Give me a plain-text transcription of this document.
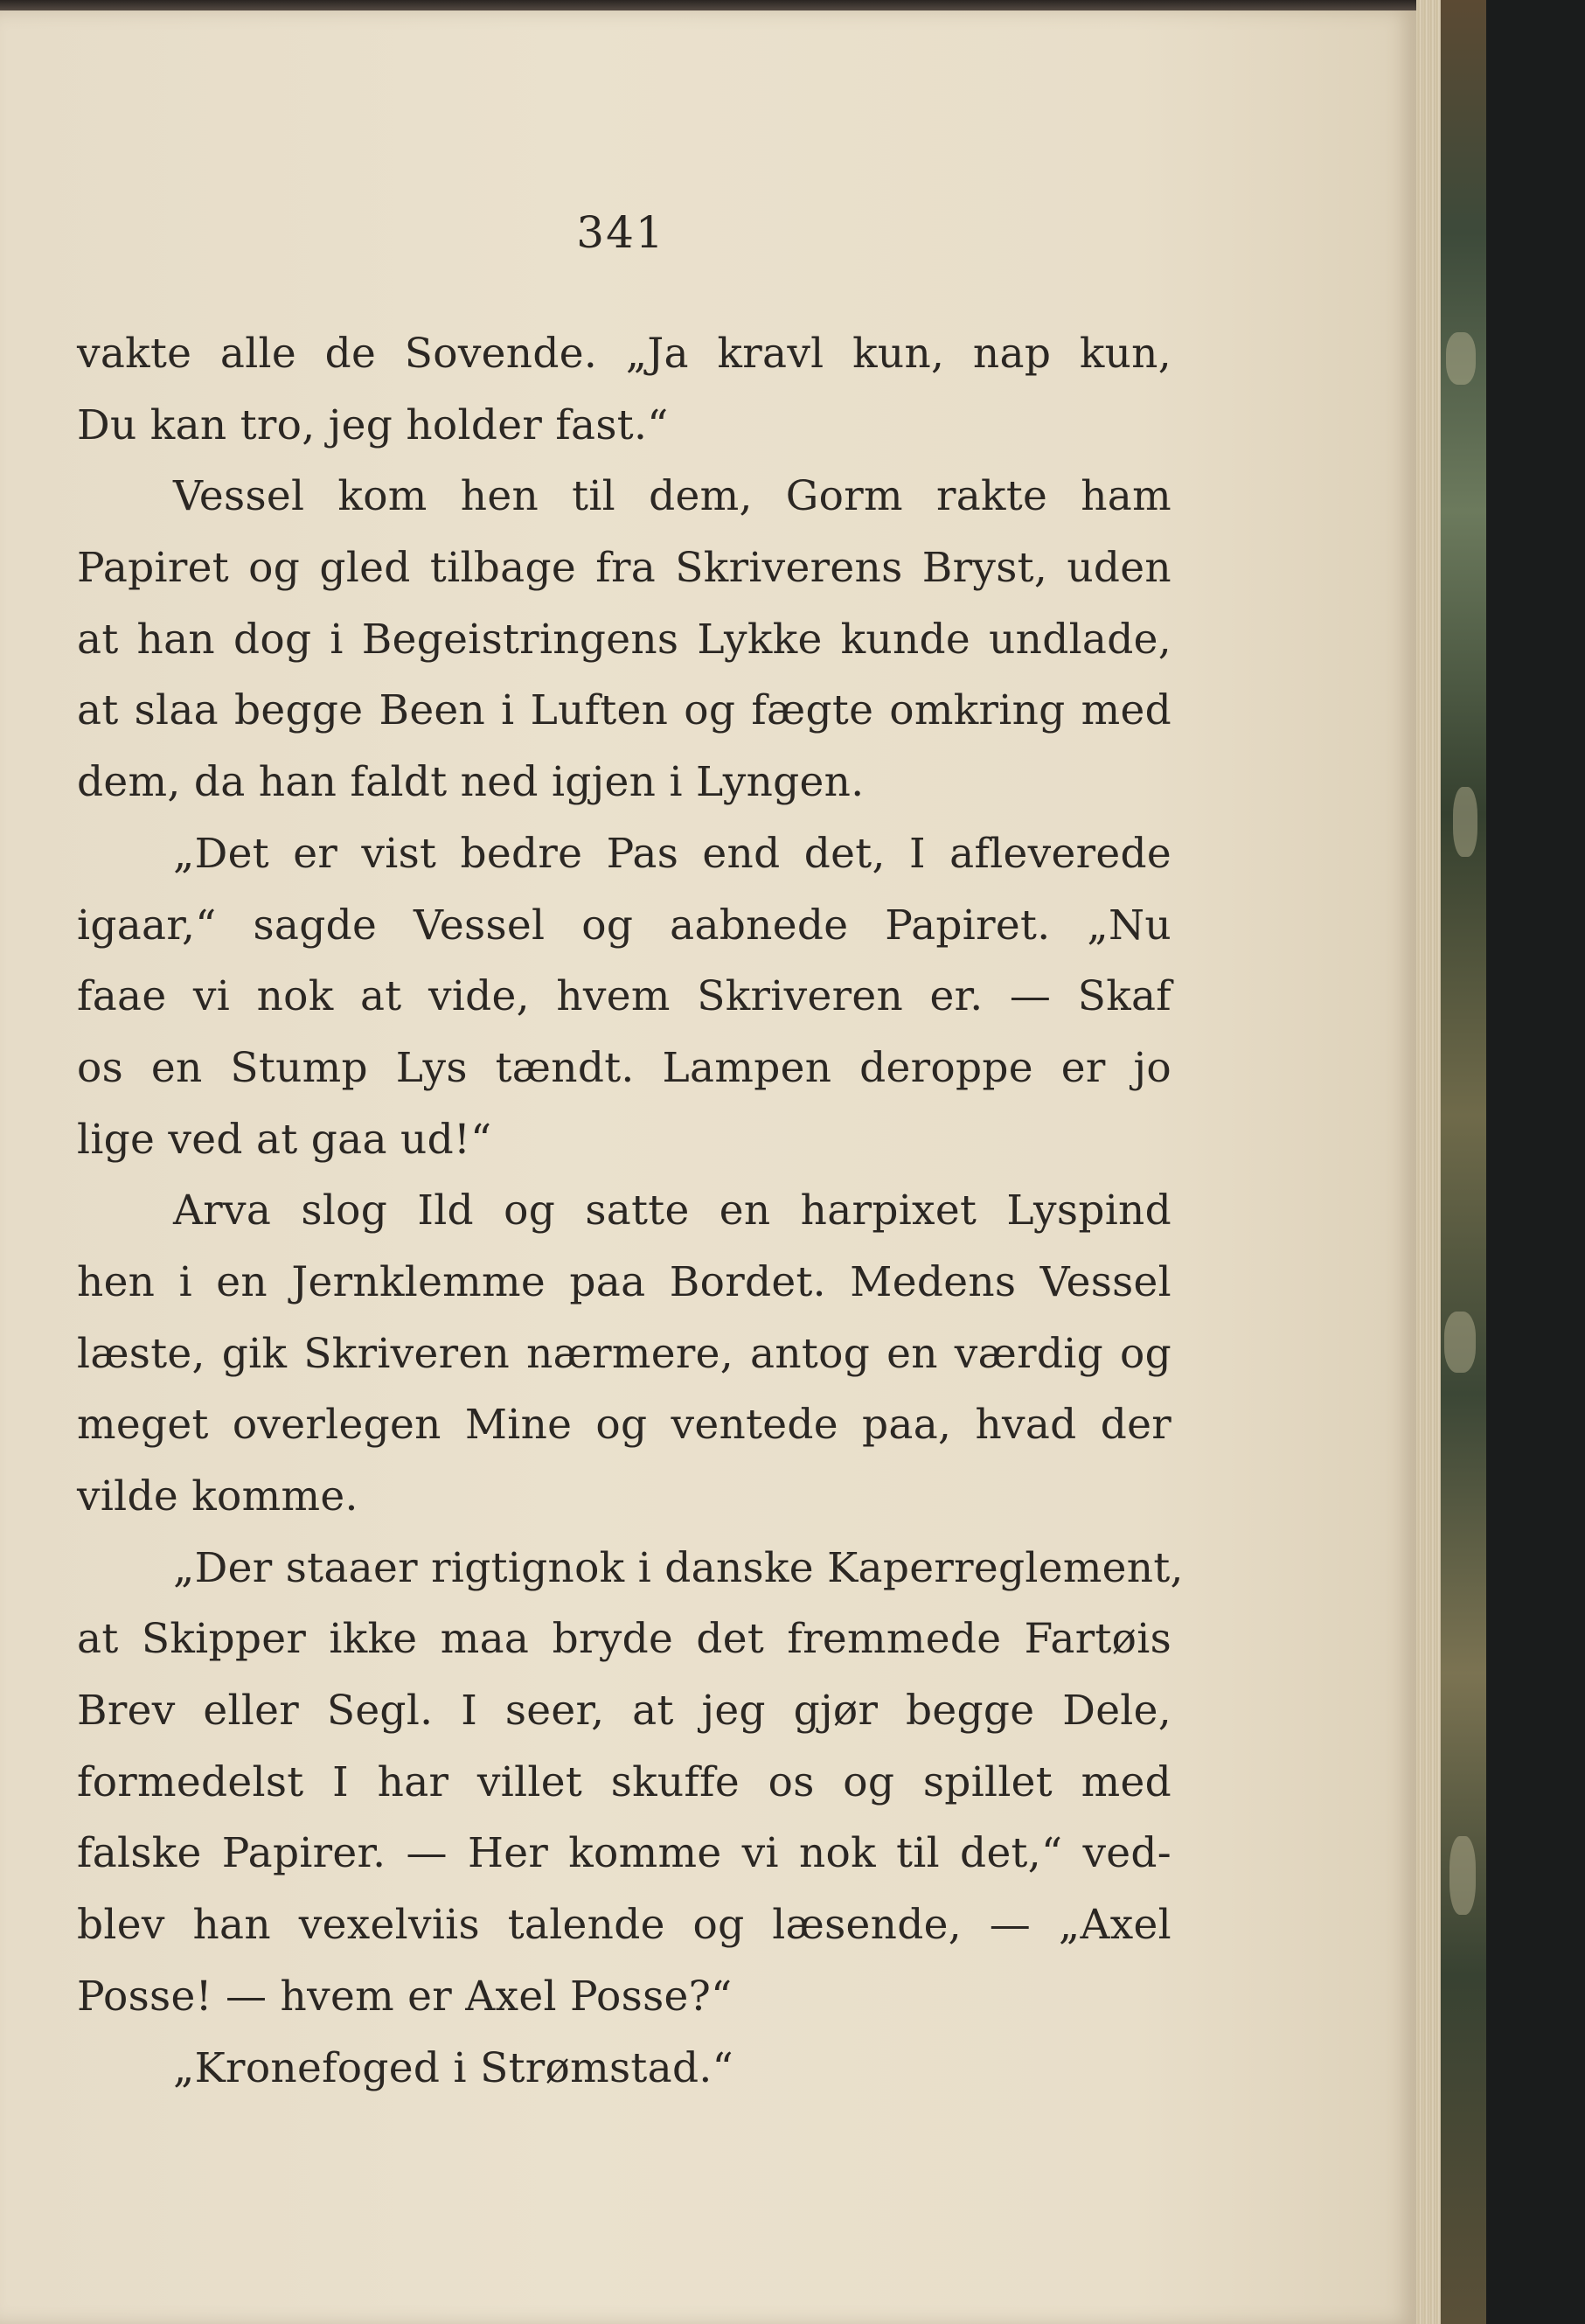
341
vakte alle de Sovende. „Ja kravl kun, nap kun,
Du kan tro, jeg holder fast.“
Vessel kom hen til dem, Gorm rakte ham
Papiret og gled tilbage fra Skriverens Bryst, uden
at han dog i Begeistringens Lykke kunde undlade,
at slaa begge Been i Luften og fægte omkring med
dem, da han faldt ned igjen i Lyngen.
„Det er vist bedre Pas end det, I afleverede
igaar,“ sagde Vessel og aabnede Papiret. „Nu
faae vi nok at vide, hvem Skriveren er. — Skaf
os en Stump Lys tændt. Lampen deroppe er jo
lige ved at gaa ud!“
Arva slog Ild og satte en harpixet Lyspind
hen i en Jernklemme paa Bordet. Medens Vessel
læste, gik Skriveren nærmere, antog en værdig og
meget overlegen Mine og ventede paa, hvad der
vilde komme.
„Der staaer rigtignok i danske Kaperreglement,
at Skipper ikke maa bryde det fremmede Fartøis
Brev eller Segl. I seer, at jeg gjør begge Dele,
formedelst I har villet skuffe os og spillet med
falske Papirer. — Her komme vi nok til det,“ ved-
blev han vexelviis talende og læsende, — „Axel
Posse! — hvem er Axel Posse?“
„Kronefoged i Strømstad.“
